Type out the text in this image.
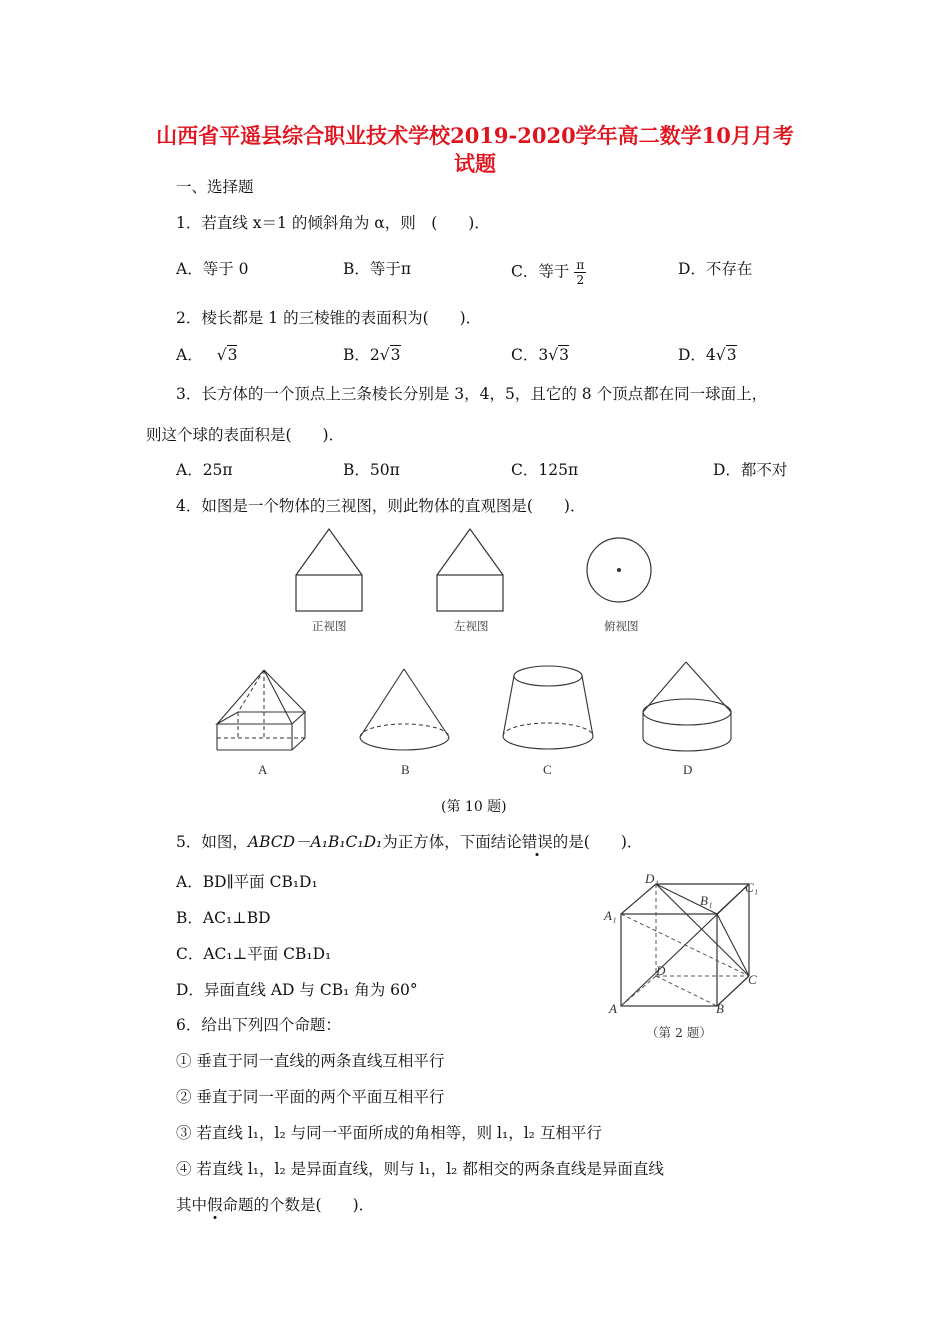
山西省平遥县综合职业技术学校2019-2020学年高二数学10月月考
试题
一、选择题
1．若直线 x＝1 的倾斜角为 α，则　(　　)．
A．等于 0	B．等于π	C．等于 $\frac{\pi}{2}$	D．不存在
2．棱长都是 1 的三棱锥的表面积为(　　)．
A． √3	B．2√3	C．3√3	D．4√3
3．长方体的一个顶点上三条棱长分别是 3，4，5，且它的 8 个顶点都在同一球面上，
则这个球的表面积是(　　)．
A．25π	B．50π	C．125π	D．都不对
4．如图是一个物体的三视图，则此物体的直观图是(　　)．
正视图	左视图	俯视图
A	B	C	D
(第 10 题)
5．如图，ABCD－A₁B₁C₁D₁为正方体，下面结论错误的是(　　)．
A．BD∥平面 CB₁D₁
B．AC₁⊥BD
C．AC₁⊥平面 CB₁D₁
D．异面直线 AD 与 CB₁ 角为 60°
D₁
C₁
B₁
A₁
D
C
A	B
（第 2 题）
6．给出下列四个命题：
① 垂直于同一直线的两条直线互相平行
② 垂直于同一平面的两个平面互相平行
③ 若直线 l₁，l₂ 与同一平面所成的角相等，则 l₁，l₂ 互相平行
④ 若直线 l₁，l₂ 是异面直线，则与 l₁，l₂ 都相交的两条直线是异面直线
其中假命题的个数是(　　)．
